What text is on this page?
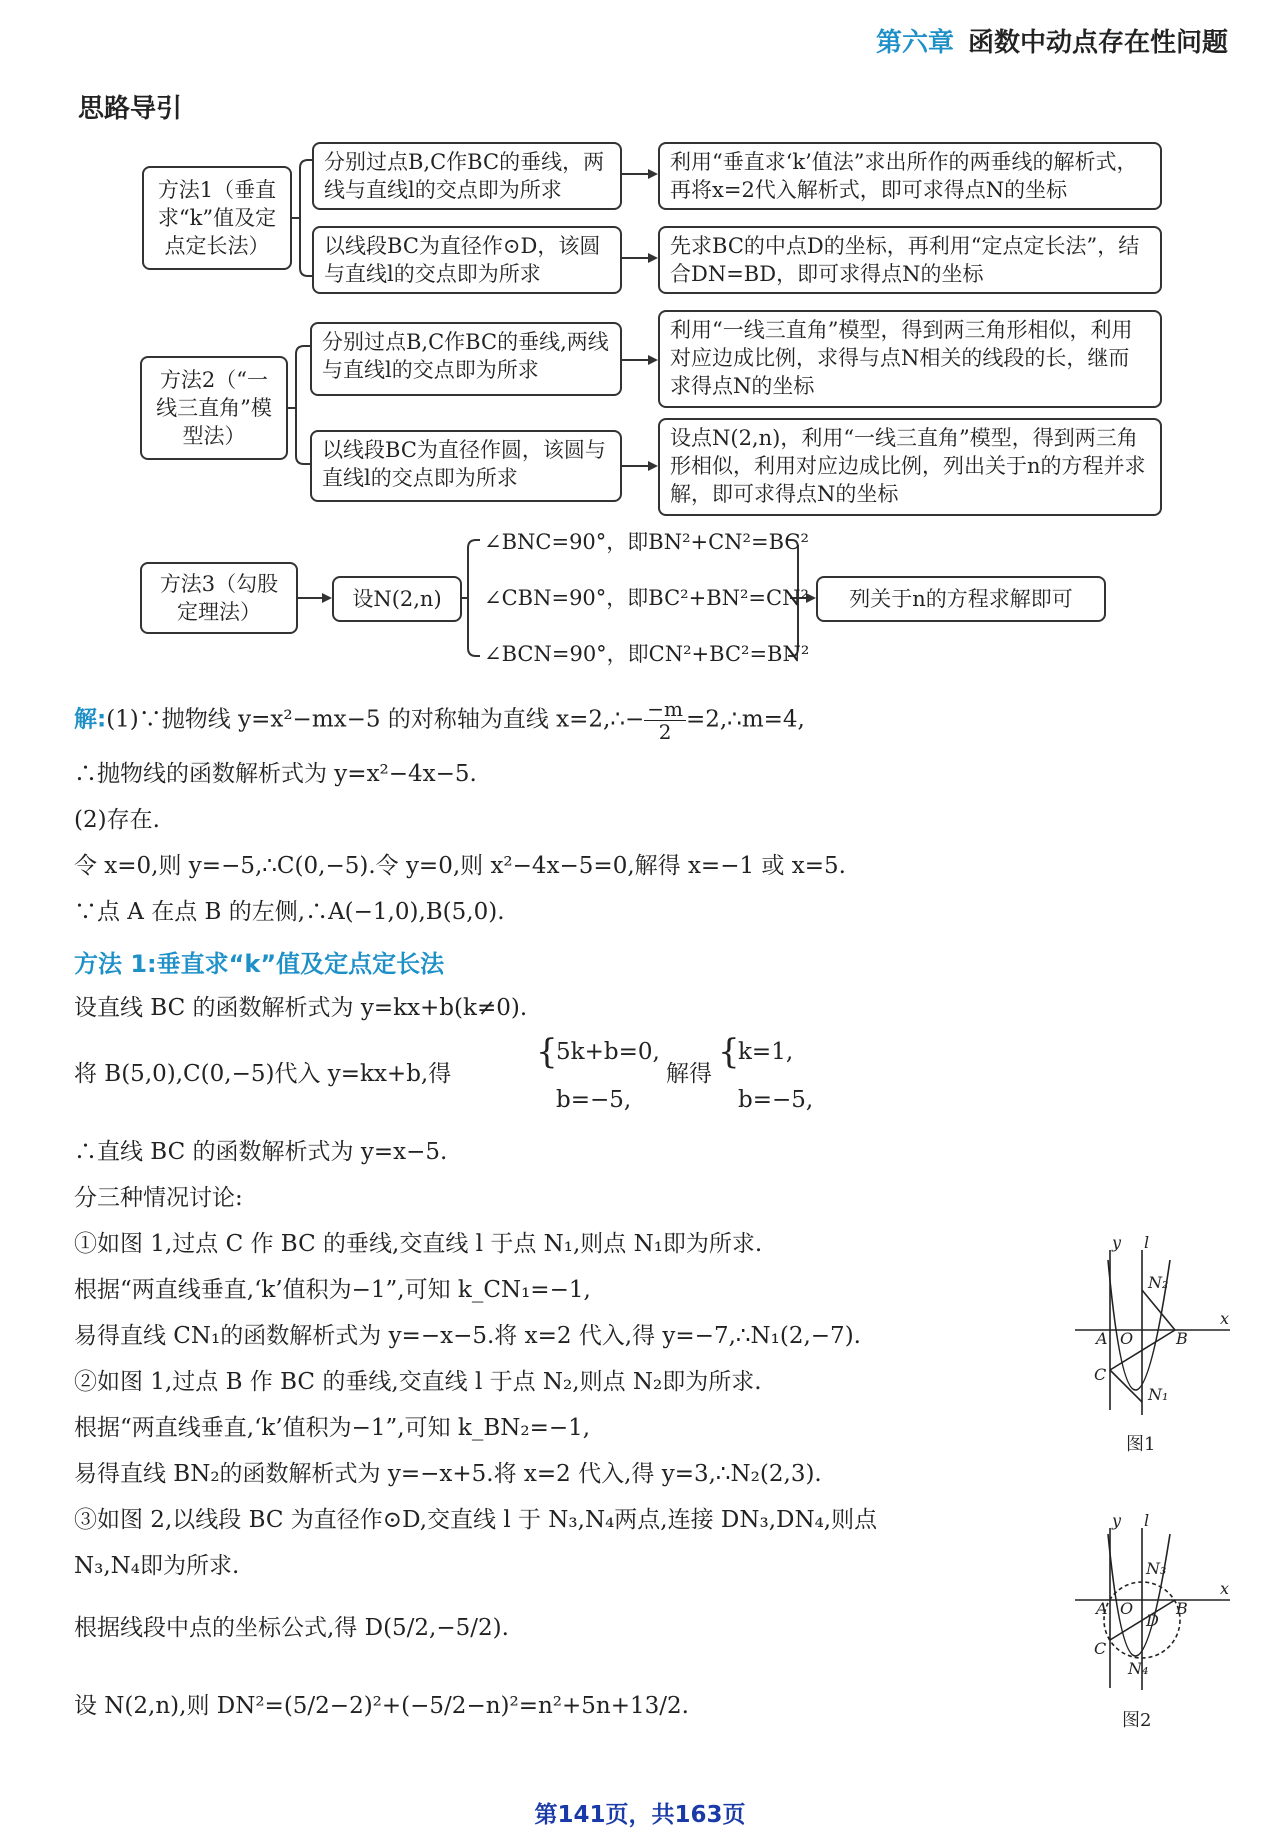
第六章 函数中动点存在性问题
思路导引
方法1（垂直求“k”值及定点定长法）
分别过点B,C作BC的垂线，两线与直线l的交点即为所求
利用“垂直求‘k’值法”求出所作的两垂线的解析式，再将x=2代入解析式，即可求得点N的坐标
以线段BC为直径作⊙D，该圆与直线l的交点即为所求
先求BC的中点D的坐标，再利用“定点定长法”，结合DN=BD，即可求得点N的坐标
方法2（“一线三直角”模型法）
分别过点B,C作BC的垂线,两线与直线l的交点即为所求
利用“一线三直角”模型，得到两三角形相似，利用对应边成比例，求得与点N相关的线段的长，继而求得点N的坐标
以线段BC为直径作圆，该圆与直线l的交点即为所求
设点N(2,n)，利用“一线三直角”模型，得到两三角形相似，利用对应边成比例，列出关于n的方程并求解，即可求得点N的坐标
方法3（勾股定理法）
设N(2,n)
∠BNC=90°，即BN²+CN²=BC²
∠CBN=90°，即BC²+BN²=CN²
∠BCN=90°，即CN²+BC²=BN²
列关于n的方程求解即可
解:(1)∵抛物线 y=x²−mx−5 的对称轴为直线 x=2,∴− $\frac{-m}{2}$ =2,∴m=4,
∴抛物线的函数解析式为 y=x²−4x−5.
(2)存在.
令 x=0,则 y=−5,∴C(0,−5).令 y=0,则 x²−4x−5=0,解得 x=−1 或 x=5.
∵点 A 在点 B 的左侧,∴A(−1,0),B(5,0).
方法 1:垂直求“k”值及定点定长法
设直线 BC 的函数解析式为 y=kx+b(k≠0).
将 B(5,0),C(0,−5)代入 y=kx+b,得
{
5k+b=0,
b=−5,
解得
{
k=1,
b=−5,
∴直线 BC 的函数解析式为 y=x−5.
分三种情况讨论:
①如图 1,过点 C 作 BC 的垂线,交直线 l 于点 N₁,则点 N₁即为所求.
根据“两直线垂直,‘k’值积为−1”,可知 k_CN₁=−1,
易得直线 CN₁的函数解析式为 y=−x−5.将 x=2 代入,得 y=−7,∴N₁(2,−7).
②如图 1,过点 B 作 BC 的垂线,交直线 l 于点 N₂,则点 N₂即为所求.
根据“两直线垂直,‘k’值积为−1”,可知 k_BN₂=−1,
易得直线 BN₂的函数解析式为 y=−x+5.将 x=2 代入,得 y=3,∴N₂(2,3).
③如图 2,以线段 BC 为直径作⊙D,交直线 l 于 N₃,N₄两点,连接 DN₃,DN₄,则点
N₃,N₄即为所求.
根据线段中点的坐标公式,得 D(5/2,−5/2).
设 N(2,n),则 DN²=(5/2−2)²+(−5/2−n)²=n²+5n+13/2.
y l
x
A O	B
C
N₂
N₁
图1
y l
x
A O
D
B
C
N₃
N₄
图2
第141页，共163页
